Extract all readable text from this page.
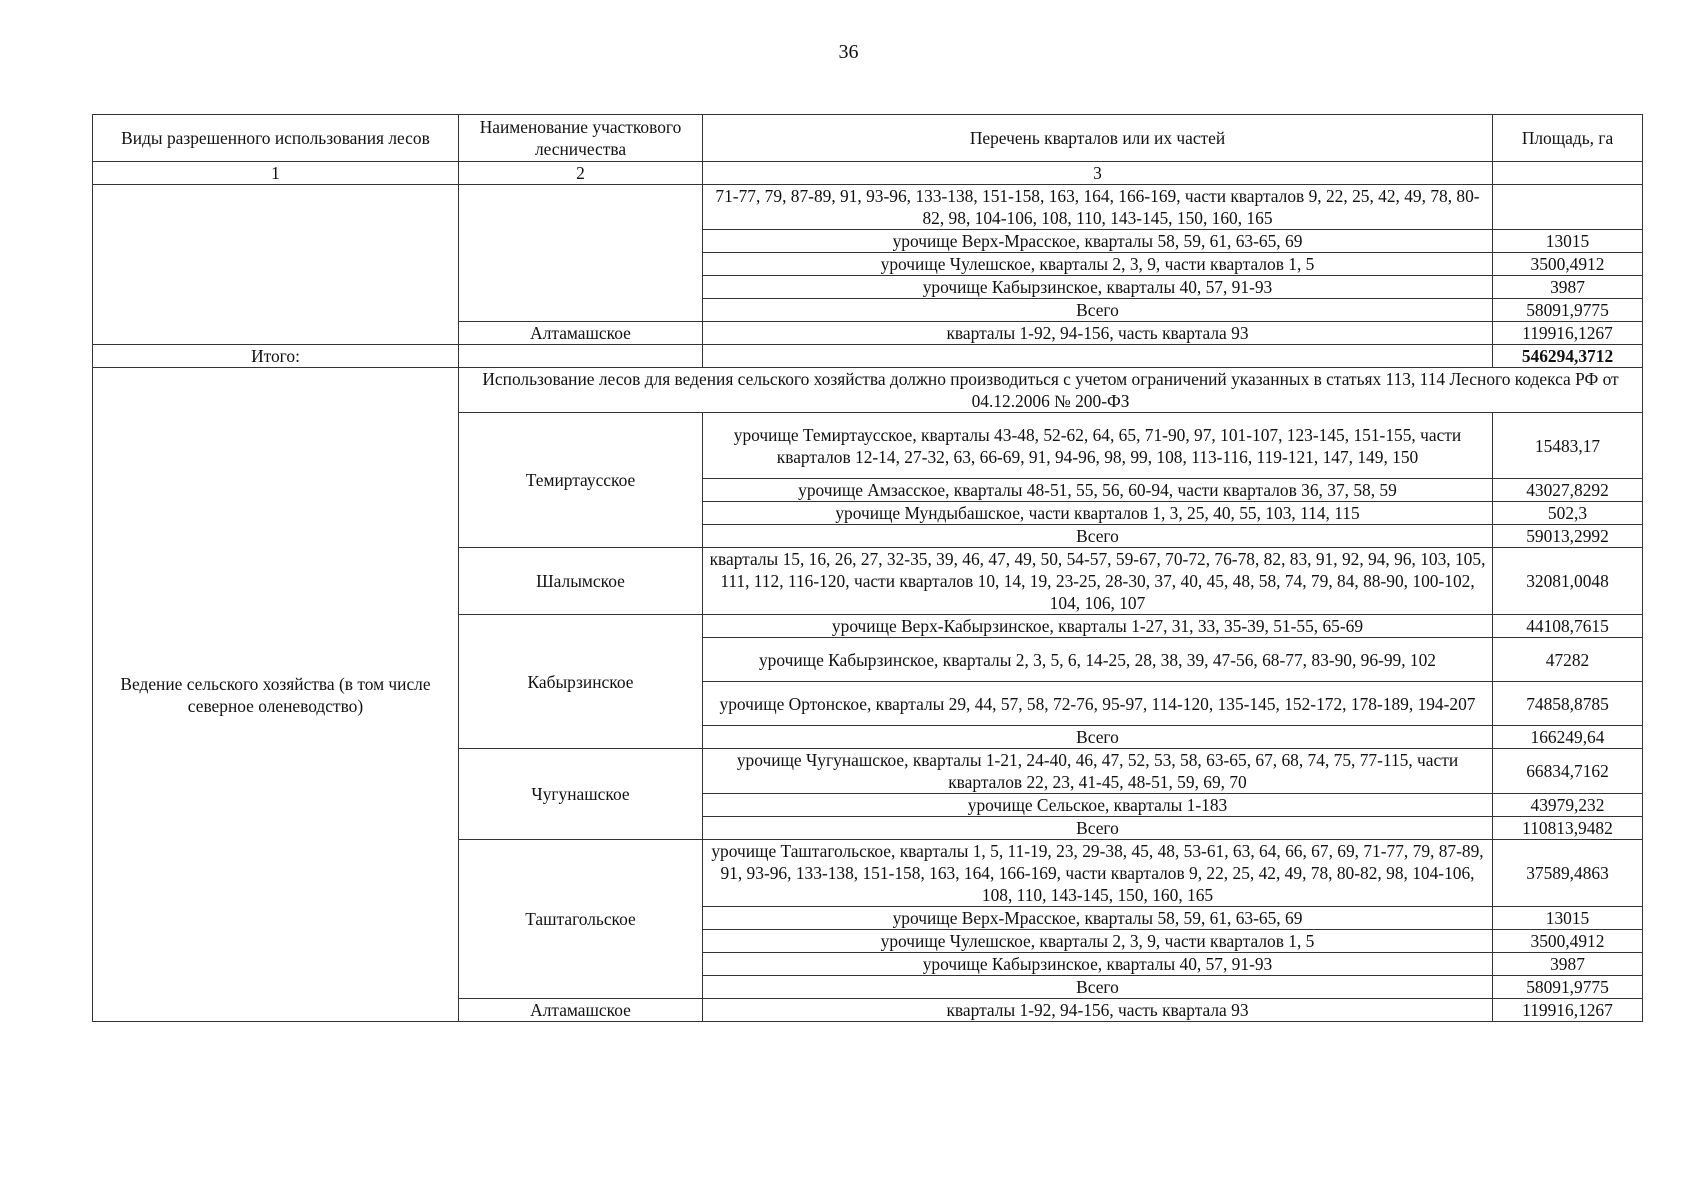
36
Виды разрешенного использования лесов	Наименование участкового лесничества	Перечень кварталов или их частей	Площадь, га
1	2	3	
		71-77, 79, 87-89, 91, 93-96, 133-138, 151-158, 163, 164, 166-169, части кварталов 9, 22, 25, 42, 49, 78, 80-82, 98, 104-106, 108, 110, 143-145, 150, 160, 165	
		урочище Верх-Мрасское, кварталы 58, 59, 61, 63-65, 69	13015
		урочище Чулешское, кварталы 2, 3, 9, части кварталов 1, 5	3500,4912
		урочище Кабырзинское, кварталы 40, 57, 91-93	3987
		Всего	58091,9775
	Алтамашское	кварталы 1-92, 94-156, часть квартала 93	119916,1267
Итого:			546294,3712
Ведение сельского хозяйства (в том числе северное оленеводство)	Использование лесов для ведения сельского хозяйства должно производиться с учетом ограничений указанных в статьях 113, 114 Лесного кодекса РФ от 04.12.2006 № 200-ФЗ		
	Темиртаусское	урочище Темиртаусское, кварталы 43-48, 52-62, 64, 65, 71-90, 97, 101-107, 123-145, 151-155, части кварталов 12-14, 27-32, 63, 66-69, 91, 94-96, 98, 99, 108, 113-116, 119-121, 147, 149, 150	15483,17
		урочище Амзасское, кварталы 48-51, 55, 56, 60-94, части кварталов 36, 37, 58, 59	43027,8292
		урочище Мундыбашское, части кварталов 1, 3, 25, 40, 55, 103, 114, 115	502,3
		Всего	59013,2992
	Шалымское	кварталы 15, 16, 26, 27, 32-35, 39, 46, 47, 49, 50, 54-57, 59-67, 70-72, 76-78, 82, 83, 91, 92, 94, 96, 103, 105, 111, 112, 116-120, части кварталов 10, 14, 19, 23-25, 28-30, 37, 40, 45, 48, 58, 74, 79, 84, 88-90, 100-102, 104, 106, 107	32081,0048
	Кабырзинское	урочище Верх-Кабырзинское, кварталы 1-27, 31, 33, 35-39, 51-55, 65-69	44108,7615
		урочище Кабырзинское, кварталы 2, 3, 5, 6, 14-25, 28, 38, 39, 47-56, 68-77, 83-90, 96-99, 102	47282
		урочище Ортонское, кварталы 29, 44, 57, 58, 72-76, 95-97, 114-120, 135-145, 152-172, 178-189, 194-207	74858,8785
		Всего	166249,64
	Чугунашское	урочище Чугунашское, кварталы 1-21, 24-40, 46, 47, 52, 53, 58, 63-65, 67, 68, 74, 75, 77-115, части кварталов 22, 23, 41-45, 48-51, 59, 69, 70	66834,7162
		урочище Сельское, кварталы 1-183	43979,232
		Всего	110813,9482
	Таштагольское	урочище Таштагольское, кварталы 1, 5, 11-19, 23, 29-38, 45, 48, 53-61, 63, 64, 66, 67, 69, 71-77, 79, 87-89, 91, 93-96, 133-138, 151-158, 163, 164, 166-169, части кварталов 9, 22, 25, 42, 49, 78, 80-82, 98, 104-106, 108, 110, 143-145, 150, 160, 165	37589,4863
		урочище Верх-Мрасское, кварталы 58, 59, 61, 63-65, 69	13015
		урочище Чулешское, кварталы 2, 3, 9, части кварталов 1, 5	3500,4912
		урочище Кабырзинское, кварталы 40, 57, 91-93	3987
		Всего	58091,9775
	Алтамашское	кварталы 1-92, 94-156, часть квартала 93	119916,1267
